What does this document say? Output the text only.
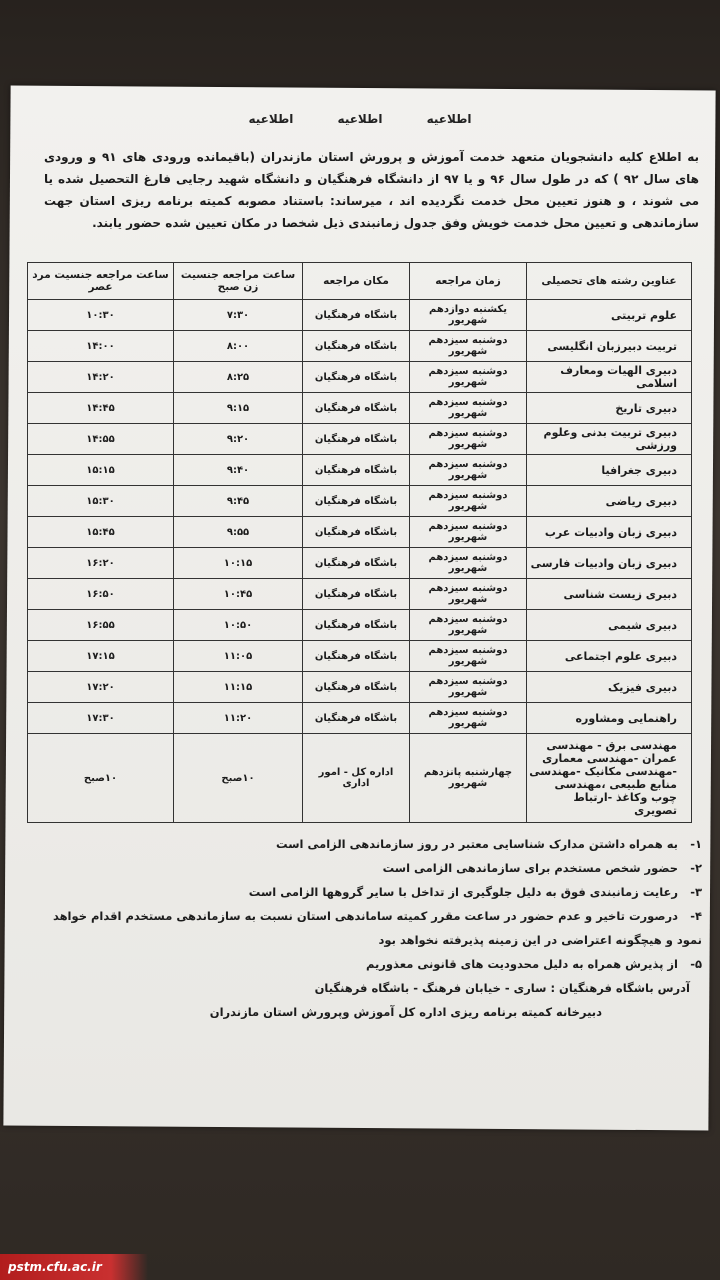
اطلاعیه اطلاعیه اطلاعیه
به اطلاع کلیه دانشجویان متعهد خدمت آموزش و پرورش استان مازندران (باقیمانده ورودی های ۹۱ و ورودی های سال ۹۲ ) که در طول سال ۹۶ و یا ۹۷ از دانشگاه فرهنگیان و دانشگاه شهید رجایی فارغ التحصیل شده یا می شوند ، و هنوز تعیین محل خدمت نگردیده اند ، میرساند: باستناد مصوبه کمیته برنامه ریزی استان جهت سازماندهی و تعیین محل خدمت خویش وفق جدول زمانبندی ذیل شخصا در مکان تعیین شده حضور یابند.
عناوین رشته های تحصیلی	زمان مراجعه	مکان مراجعه	ساعت مراجعه جنسیت زن صبح	ساعت مراجعه جنسیت مرد عصر
علوم تربیتی	یکشنبه دوازدهم شهریور	باشگاه فرهنگیان	۷:۳۰	۱۰:۳۰
تربیت دبیرزبان انگلیسی	دوشنبه سیزدهم شهریور	باشگاه فرهنگیان	۸:۰۰	۱۴:۰۰
دبیری الهیات ومعارف اسلامی	دوشنبه سیزدهم شهریور	باشگاه فرهنگیان	۸:۲۵	۱۴:۲۰
دبیری تاریخ	دوشنبه سیزدهم شهریور	باشگاه فرهنگیان	۹:۱۵	۱۴:۴۵
دبیری تربیت بدنی وعلوم ورزشی	دوشنبه سیزدهم شهریور	باشگاه فرهنگیان	۹:۲۰	۱۴:۵۵
دبیری جغرافیا	دوشنبه سیزدهم شهریور	باشگاه فرهنگیان	۹:۴۰	۱۵:۱۵
دبیری ریاضی	دوشنبه سیزدهم شهریور	باشگاه فرهنگیان	۹:۴۵	۱۵:۳۰
دبیری زبان وادبیات عرب	دوشنبه سیزدهم شهریور	باشگاه فرهنگیان	۹:۵۵	۱۵:۴۵
دبیری زبان وادبیات فارسی	دوشنبه سیزدهم شهریور	باشگاه فرهنگیان	۱۰:۱۵	۱۶:۲۰
دبیری زیست شناسی	دوشنبه سیزدهم شهریور	باشگاه فرهنگیان	۱۰:۴۵	۱۶:۵۰
دبیری شیمی	دوشنبه سیزدهم شهریور	باشگاه فرهنگیان	۱۰:۵۰	۱۶:۵۵
دبیری علوم اجتماعی	دوشنبه سیزدهم شهریور	باشگاه فرهنگیان	۱۱:۰۵	۱۷:۱۵
دبیری فیزیک	دوشنبه سیزدهم شهریور	باشگاه فرهنگیان	۱۱:۱۵	۱۷:۲۰
راهنمایی ومشاوره	دوشنبه سیزدهم شهریور	باشگاه فرهنگیان	۱۱:۲۰	۱۷:۳۰
مهندسی برق - مهندسی عمران -مهندسی معماری -مهندسی مکانیک -مهندسی منابع طبیعی ،مهندسی چوب وکاغذ -ارتباط تصویری	چهارشنبه پانزدهم شهریور	اداره کل - امور اداری	۱۰صبح	۱۰صبح
۱-به همراه داشتن مدارک شناسایی معتبر در روز سازماندهی الزامی است
۲-حضور شخص مستخدم برای سازماندهی الزامی است
۳-رعایت زمانبندی فوق به دلیل جلوگیری از تداخل با سایر گروهها الزامی است
۴-درصورت تاخیر و عدم حضور در ساعت مقرر کمیته ساماندهی استان نسبت به سازماندهی مستخدم اقدام خواهد نمود و هیچگونه اعتراضی در این زمینه پذیرفته نخواهد بود
۵-از پذیرش همراه به دلیل محدودیت های قانونی معذوریم
آدرس باشگاه فرهنگیان : ساری - خیابان فرهنگ - باشگاه فرهنگیان
دبیرخانه کمیته برنامه ریزی اداره کل آموزش وپرورش استان مازندران
pstm.cfu.ac.ir
